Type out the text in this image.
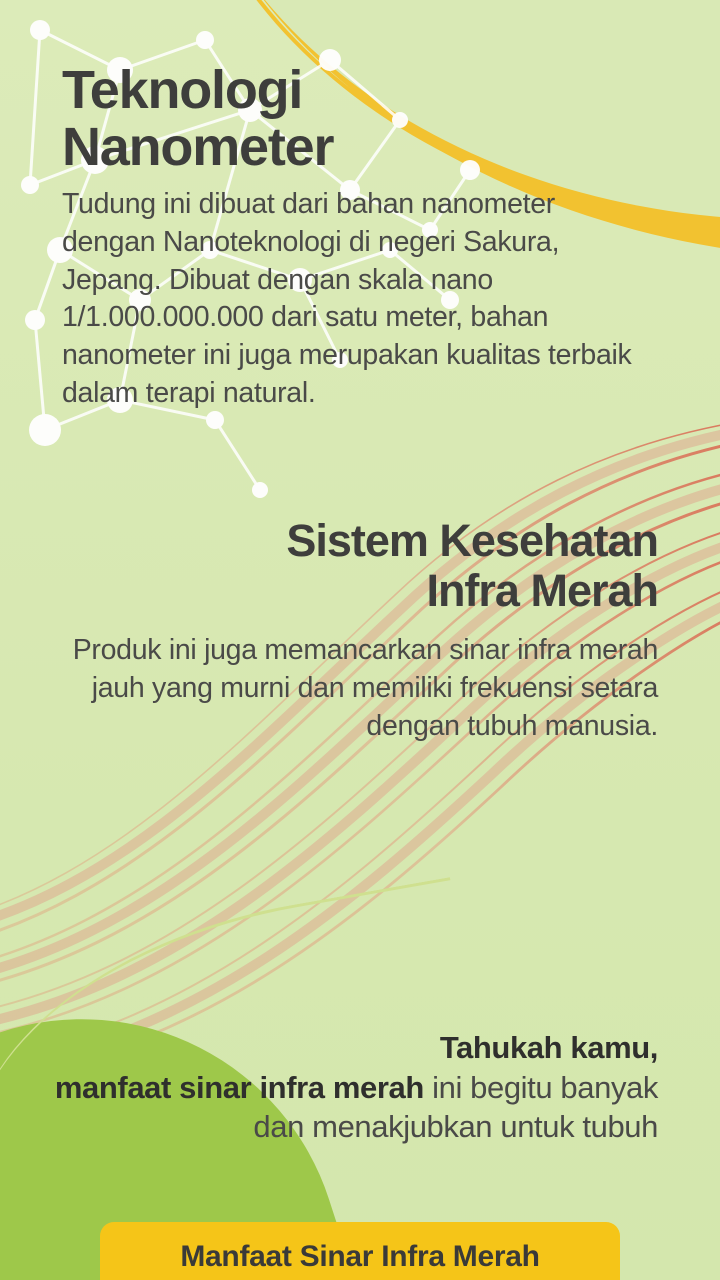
Teknologi
Nanometer

Tudung ini dibuat dari bahan nanometer dengan Nanoteknologi di negeri Sakura, Jepang. Dibuat dengan skala nano 1/1.000.000.000 dari satu meter, bahan nanometer ini juga merupakan kualitas terbaik dalam terapi natural.

Sistem Kesehatan
Infra Merah

Produk ini juga memancarkan sinar infra merah jauh yang murni dan memiliki frekuensi setara dengan tubuh manusia.

Tahukah kamu,
manfaat sinar infra merah ini begitu banyak dan menakjubkan untuk tubuh

Manfaat Sinar Infra Merah
